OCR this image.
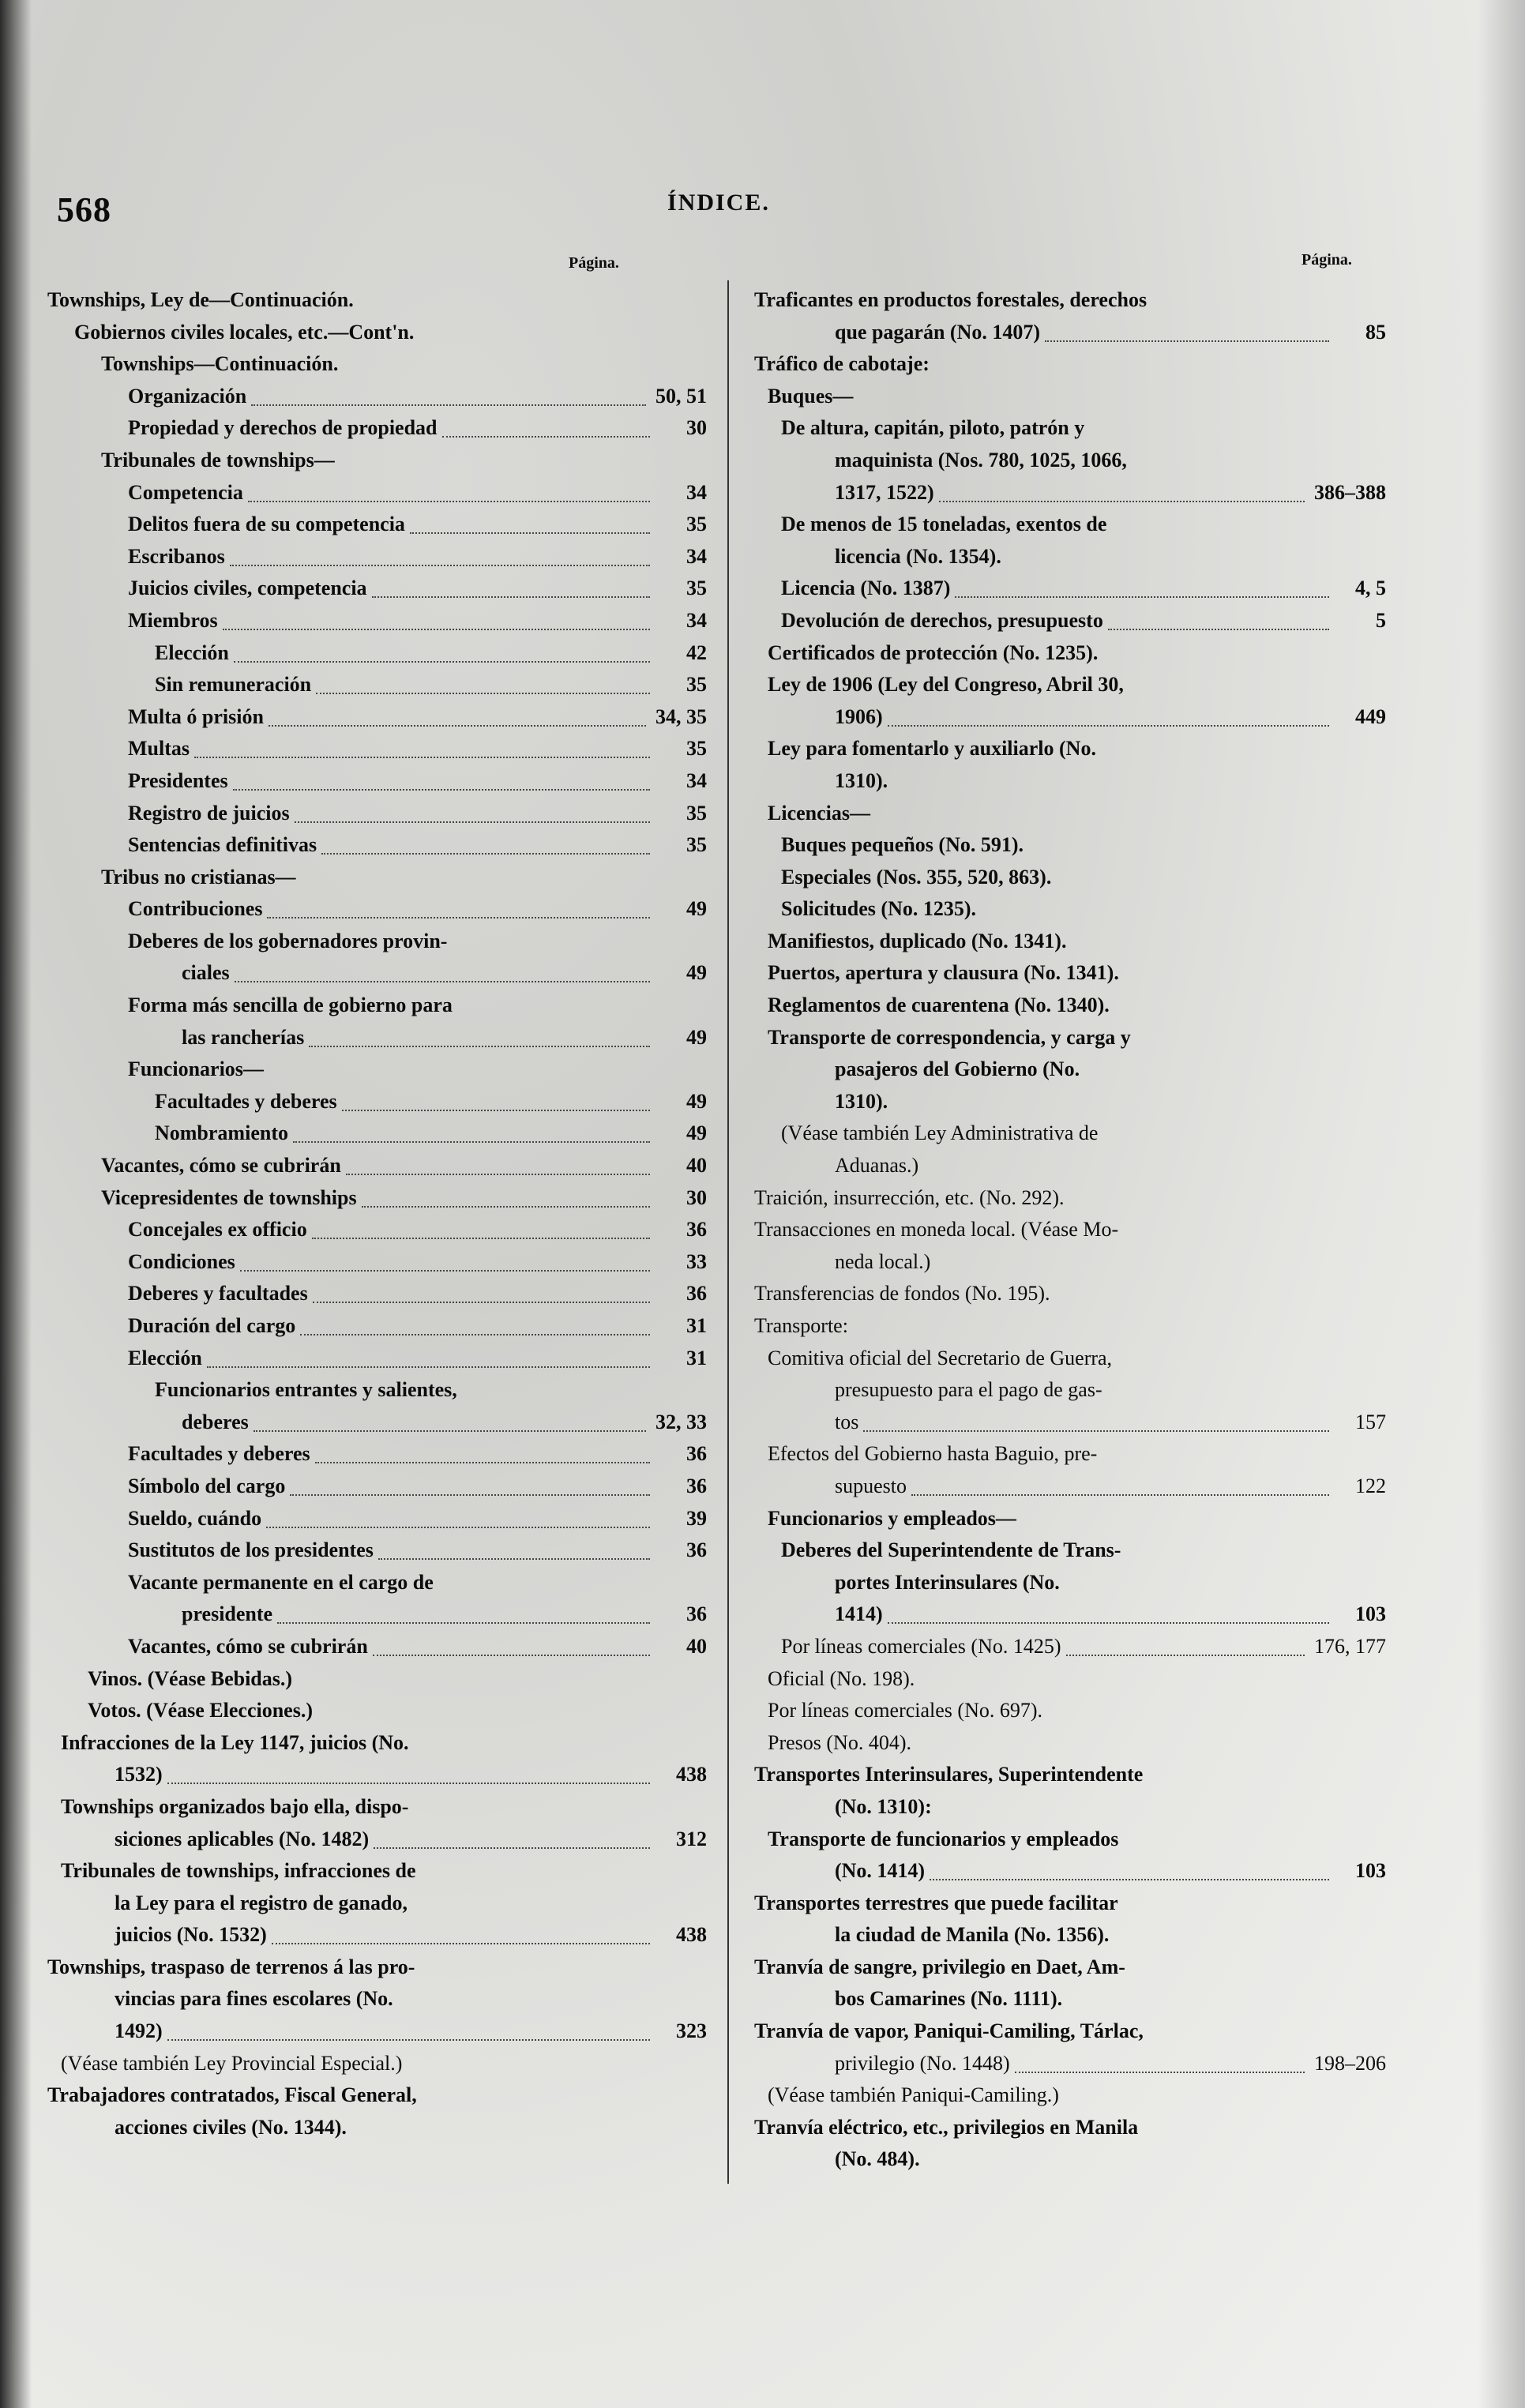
568	ÍNDICE.
Página.	Página.
Townships, Ley de—Continuación.
Gobiernos civiles locales, etc.—Cont'n.
Townships—Continuación.
Organización	50, 51
Propiedad y derechos de propiedad	30
Tribunales de townships—
Competencia	34
Delitos fuera de su competencia	35
Escribanos	34
Juicios civiles, competencia	35
Miembros	34
Elección	42
Sin remuneración	35
Multa ó prisión	34, 35
Multas	35
Presidentes	34
Registro de juicios	35
Sentencias definitivas	35
Tribus no cristianas—
Contribuciones	49
Deberes de los gobernadores provin-
ciales	49
Forma más sencilla de gobierno para
las rancherías	49
Funcionarios—
Facultades y deberes	49
Nombramiento	49
Vacantes, cómo se cubrirán	40
Vicepresidentes de townships	30
Concejales ex officio	36
Condiciones	33
Deberes y facultades	36
Duración del cargo	31
Elección	31
Funcionarios entrantes y salientes,
deberes	32, 33
Facultades y deberes	36
Símbolo del cargo	36
Sueldo, cuándo	39
Sustitutos de los presidentes	36
Vacante permanente en el cargo de
presidente	36
Vacantes, cómo se cubrirán	40
Vinos. (Véase Bebidas.)
Votos. (Véase Elecciones.)
Infracciones de la Ley 1147, juicios (No.
1532)	438
Townships organizados bajo ella, dispo-
siciones aplicables (No. 1482)	312
Tribunales de townships, infracciones de
la Ley para el registro de ganado,
juicios (No. 1532)	438
Townships, traspaso de terrenos á las pro-
vincias para fines escolares (No.
1492)	323
(Véase también Ley Provincial Especial.)
Trabajadores contratados, Fiscal General,
acciones civiles (No. 1344).
Traficantes en productos forestales, derechos
que pagarán (No. 1407)	85
Tráfico de cabotaje:
Buques—
De altura, capitán, piloto, patrón y
maquinista (Nos. 780, 1025, 1066,
1317, 1522)	386–388
De menos de 15 toneladas, exentos de
licencia (No. 1354).
Licencia (No. 1387)	4, 5
Devolución de derechos, presupuesto	5
Certificados de protección (No. 1235).
Ley de 1906 (Ley del Congreso, Abril 30,
1906)	449
Ley para fomentarlo y auxiliarlo (No.
1310).
Licencias—
Buques pequeños (No. 591).
Especiales (Nos. 355, 520, 863).
Solicitudes (No. 1235).
Manifiestos, duplicado (No. 1341).
Puertos, apertura y clausura (No. 1341).
Reglamentos de cuarentena (No. 1340).
Transporte de correspondencia, y carga y
pasajeros del Gobierno (No.
1310).
(Véase también Ley Administrativa de
Aduanas.)
Traición, insurrección, etc. (No. 292).
Transacciones en moneda local. (Véase Mo-
neda local.)
Transferencias de fondos (No. 195).
Transporte:
Comitiva oficial del Secretario de Guerra,
presupuesto para el pago de gas-
tos	157
Efectos del Gobierno hasta Baguio, pre-
supuesto	122
Funcionarios y empleados—
Deberes del Superintendente de Trans-
portes Interinsulares (No.
1414)	103
Por líneas comerciales (No. 1425)	176, 177
Oficial (No. 198).
Por líneas comerciales (No. 697).
Presos (No. 404).
Transportes Interinsulares, Superintendente
(No. 1310):
Transporte de funcionarios y empleados
(No. 1414)	103
Transportes terrestres que puede facilitar
la ciudad de Manila (No. 1356).
Tranvía de sangre, privilegio en Daet, Am-
bos Camarines (No. 1111).
Tranvía de vapor, Paniqui-Camiling, Tárlac,
privilegio (No. 1448)	198–206
(Véase también Paniqui-Camiling.)
Tranvía eléctrico, etc., privilegios en Manila
(No. 484).
